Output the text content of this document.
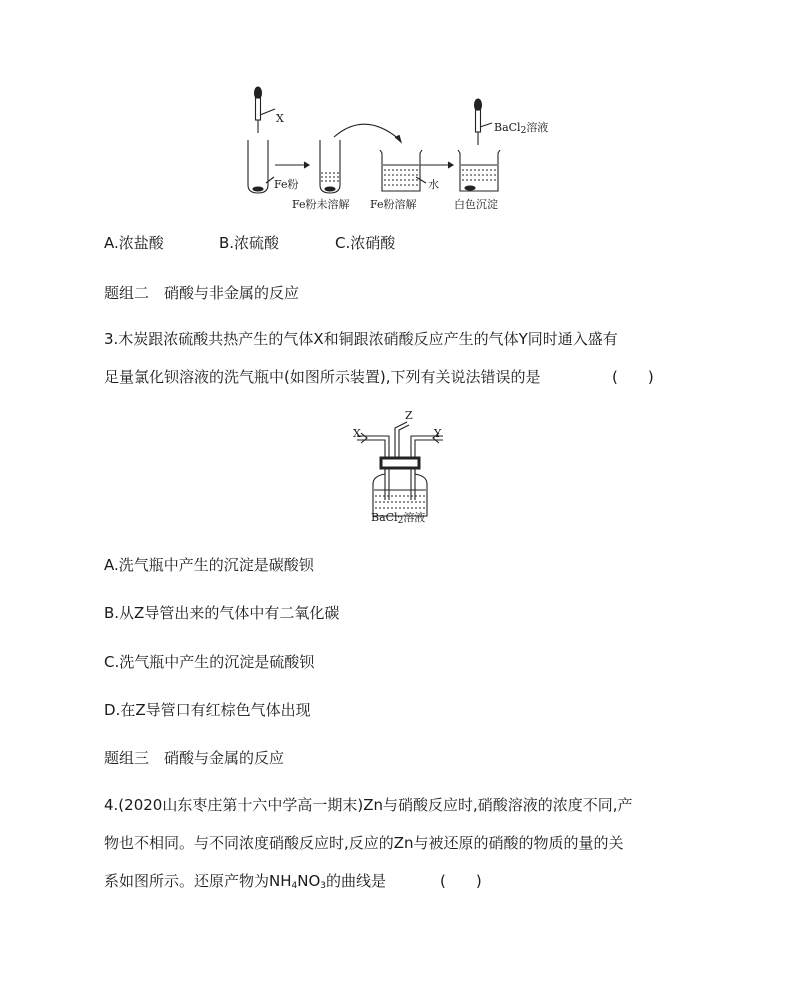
X
Fe粉	水
BaCl$_2$溶液
Fe粉未溶解 Fe粉溶解	白色沉淀
A.浓盐酸	B.浓硫酸	C.浓硝酸
题组二　硝酸与非金属的反应
3.木炭跟浓硫酸共热产生的气体X和铜跟浓硝酸反应产生的气体Y同时通入盛有
足量氯化钡溶液的洗气瓶中(如图所示装置),下列有关说法错误的是	(　　)
X	Y
Z
BaCl$_2$溶液
A.洗气瓶中产生的沉淀是碳酸钡
B.从Z导管出来的气体中有二氧化碳
C.洗气瓶中产生的沉淀是硫酸钡
D.在Z导管口有红棕色气体出现
题组三　硝酸与金属的反应
4.(2020山东枣庄第十六中学高一期末)Zn与硝酸反应时,硝酸溶液的浓度不同,产
物也不相同。与不同浓度硝酸反应时,反应的Zn与被还原的硝酸的物质的量的关
系如图所示。还原产物为$NH_4NO_3$的曲线是	(　　)
